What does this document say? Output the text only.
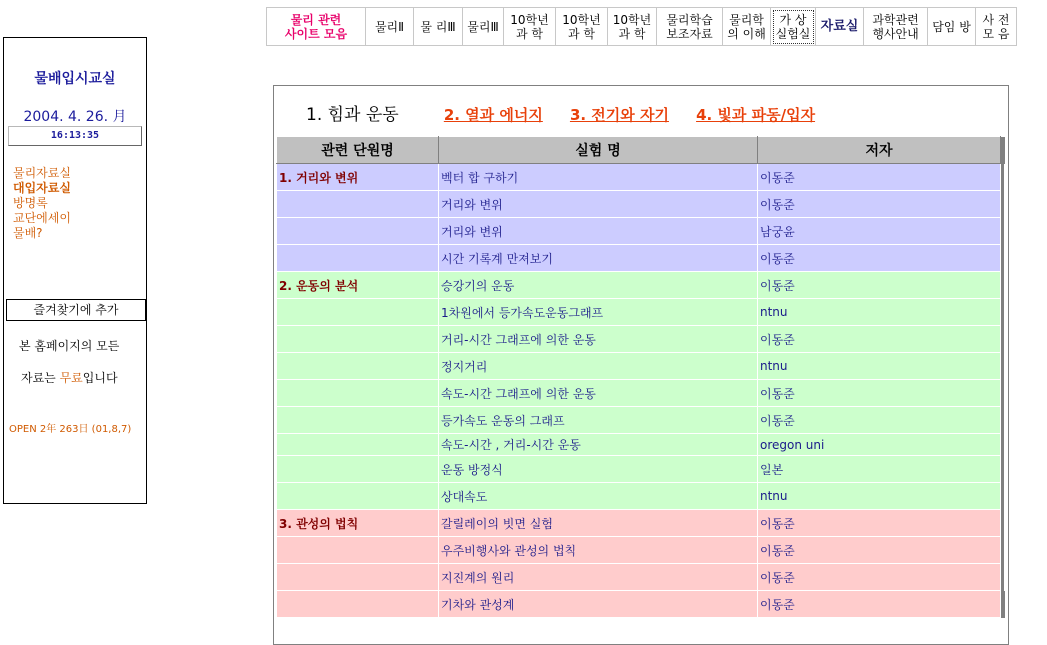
물리 관련
사이트 모음	물리Ⅱ	물 리Ⅲ	물리Ⅲ	10학년
과 학	10학년
과 학	10학년
과 학	물리학습
보조자료	물리학
의 이해	가 상
실험실	자료실	과학관련
행사안내	담임 방	사 전
모 음
물배입시교실
2004. 4. 26. 月
16:13:35
물리자료실
대입자료실
방명록
교단에세이
물배?
즐겨찾기에 추가
본 홈페이지의 모든
자료는 무료입니다
OPEN 2年 263日 (01,8,7)
1. 힘과 운동	2. 열과 에너지 3. 전기와 자기 4. 빛과 파동/입자
관련 단원명	실험 명	저자	
1. 거리와 변위	벡터 합 구하기	이동준	
	거리와 변위	이동준	
	거리와 변위	남궁윤	
	시간 기록계 만져보기	이동준	
2. 운동의 분석	승강기의 운동	이동준	
	1차원에서 등가속도운동그래프	ntnu	
	거리-시간 그래프에 의한 운동	이동준	
	정지거리	ntnu	
	속도-시간 그래프에 의한 운동	이동준	
	등가속도 운동의 그래프	이동준	
	속도-시간 , 거리-시간 운동	oregon uni	
	운동 방정식	일본	
	상대속도	ntnu	
3. 관성의 법칙	갈릴레이의 빗면 실험	이동준	
	우주비행사와 관성의 법칙	이동준	
	지진계의 원리	이동준	
	기차와 관성계	이동준	
